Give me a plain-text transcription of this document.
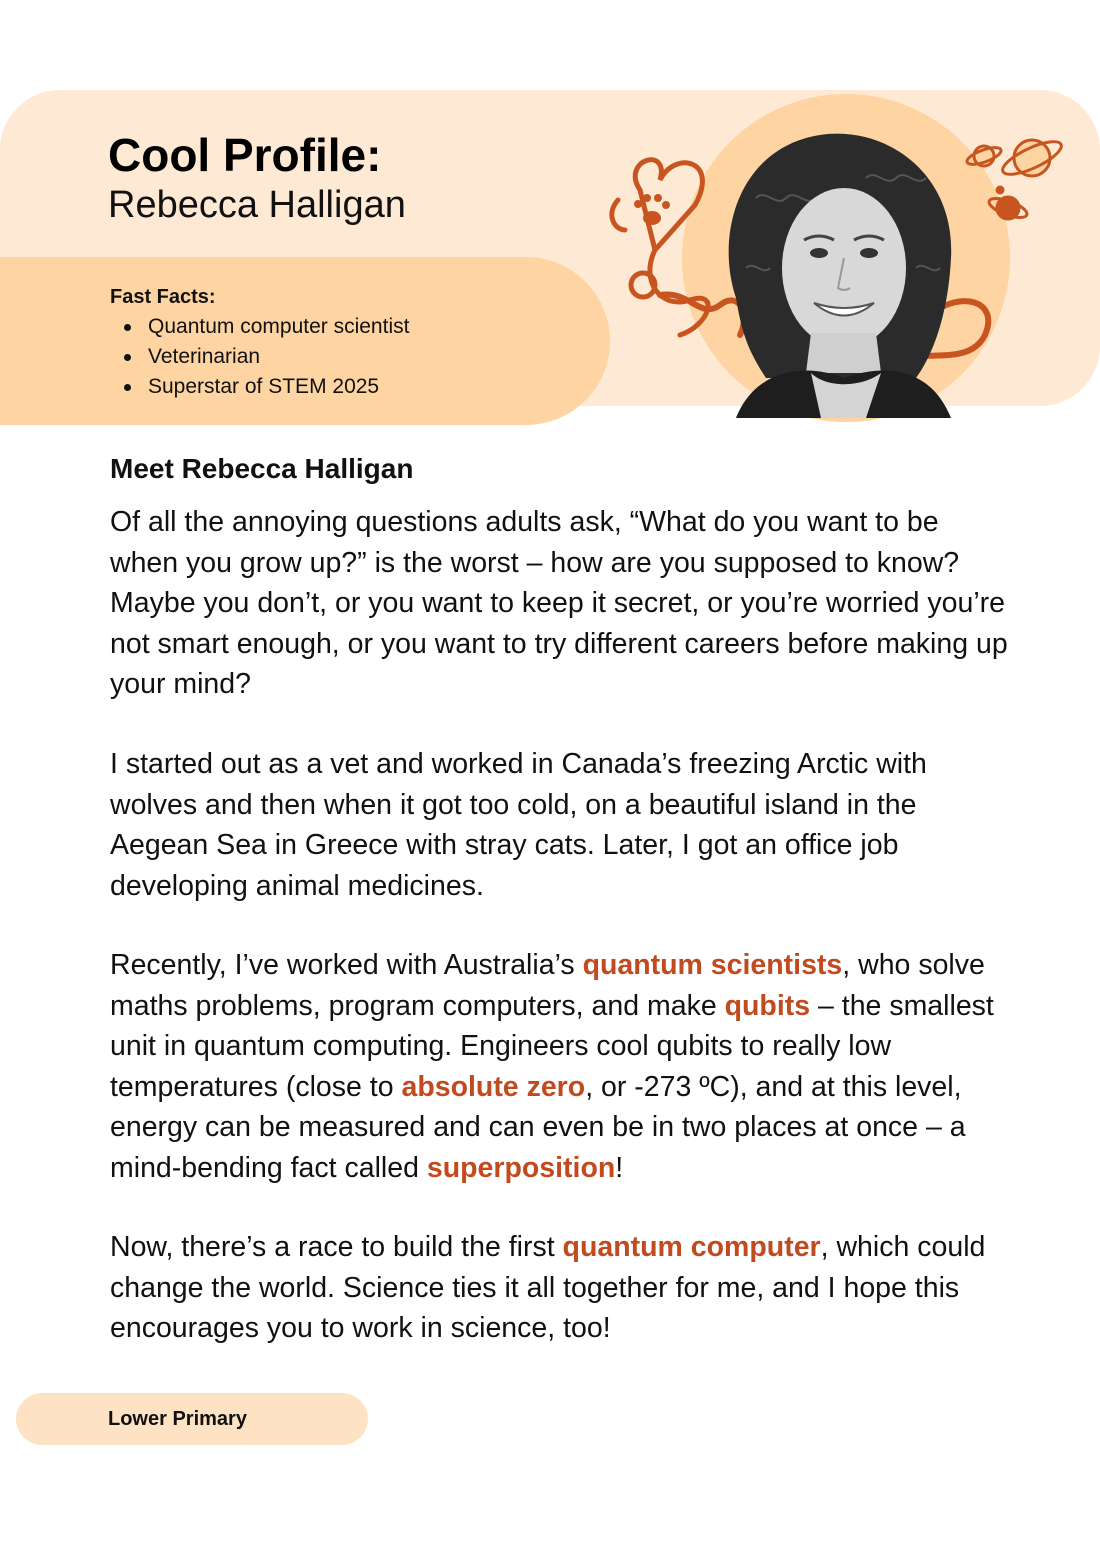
Cool Profile:
Rebecca Halligan
Fast Facts:
Quantum computer scientist
Veterinarian
Superstar of STEM 2025
Meet Rebecca Halligan

Of all the annoying questions adults ask, “What do you want to be when you grow up?” is the worst – how are you supposed to know? Maybe you don’t, or you want to keep it secret, or you’re worried you’re not smart enough, or you want to try different careers before making up your mind?

I started out as a vet and worked in Canada’s freezing Arctic with wolves and then when it got too cold, on a beautiful island in the Aegean Sea in Greece with stray cats. Later, I got an office job developing animal medicines.

Recently, I’ve worked with Australia’s quantum scientists, who solve maths problems, program computers, and make qubits – the smallest unit in quantum computing. Engineers cool qubits to really low temperatures (close to absolute zero, or -273 ºC), and at this level, energy can be measured and can even be in two places at once – a mind-bending fact called superposition!

Now, there’s a race to build the first quantum computer, which could change the world. Science ties it all together for me, and I hope this encourages you to work in science, too!

Lower Primary
